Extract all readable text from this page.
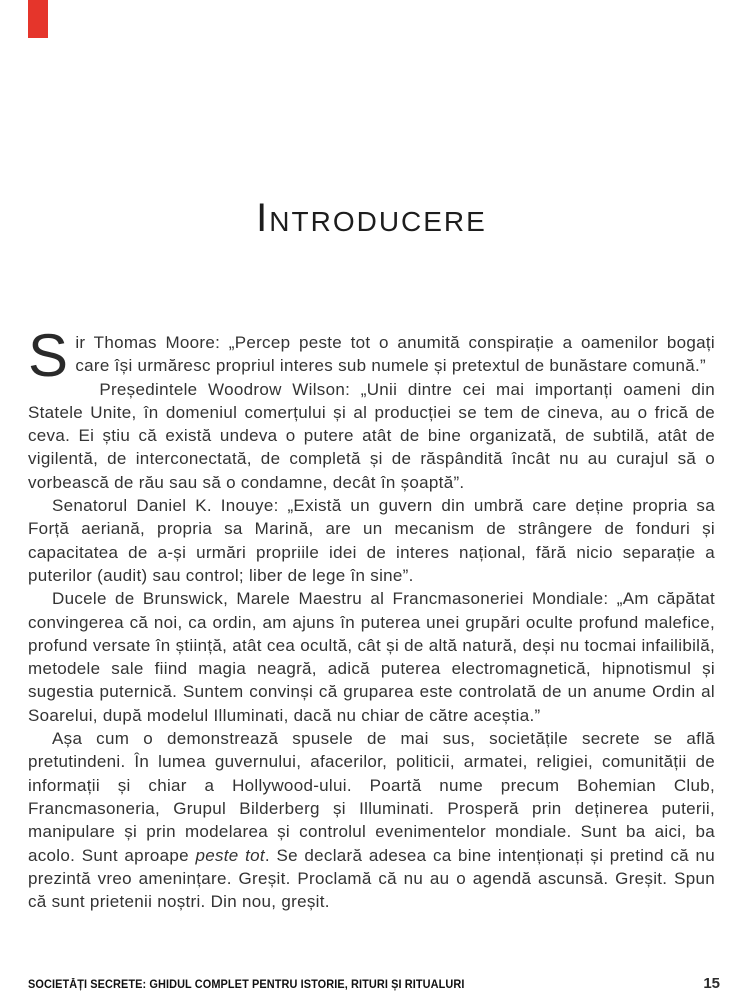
Introducere

Sir Thomas Moore: „Percep peste tot o anumită conspirație a oamenilor bogați care își urmăresc propriul interes sub numele și pretextul de bunăstare comună.”

Președintele Woodrow Wilson: „Unii dintre cei mai importanți oameni din Statele Unite, în domeniul comerțului și al producției se tem de cineva, au o frică de ceva. Ei știu că există undeva o putere atât de bine organizată, de subtilă, atât de vigilentă, de interconectată, de completă și de răspândită încât nu au curajul să o vorbească de rău sau să o condamne, decât în șoaptă”.

Senatorul Daniel K. Inouye: „Există un guvern din umbră care deține propria sa Forță aeriană, propria sa Marină, are un mecanism de strângere de fonduri și capacitatea de a-și urmări propriile idei de interes național, fără nicio separație a puterilor (audit) sau control; liber de lege în sine”.

Ducele de Brunswick, Marele Maestru al Francmasoneriei Mondiale: „Am căpătat convingerea că noi, ca ordin, am ajuns în puterea unei grupări oculte profund malefice, profund versate în știință, atât cea ocultă, cât și de altă natură, deși nu tocmai infailibilă, metodele sale fiind magia neagră, adică puterea electromagnetică, hipnotismul și sugestia puternică. Suntem convinși că gruparea este controlată de un anume Ordin al Soarelui, după modelul Illuminati, dacă nu chiar de către aceștia.”

Așa cum o demonstrează spusele de mai sus, societățile secrete se află pretutindeni. În lumea guvernului, afacerilor, politicii, armatei, religiei, comunității de informații și chiar a Hollywood-ului. Poartă nume precum Bohemian Club, Francmasoneria, Grupul Bilderberg și Illuminati. Prosperă prin deținerea puterii, manipulare și prin modelarea și controlul evenimentelor mondiale. Sunt ba aici, ba acolo. Sunt aproape peste tot. Se declară adesea ca bine intenționați și pretind că nu prezintă vreo amenințare. Greșit. Proclamă că nu au o agendă ascunsă. Greșit. Spun că sunt prietenii noștri. Din nou, greșit.

SOCIETĂȚI SECRETE: GHIDUL COMPLET PENTRU ISTORIE, RITURI ȘI RITUALURI	15
